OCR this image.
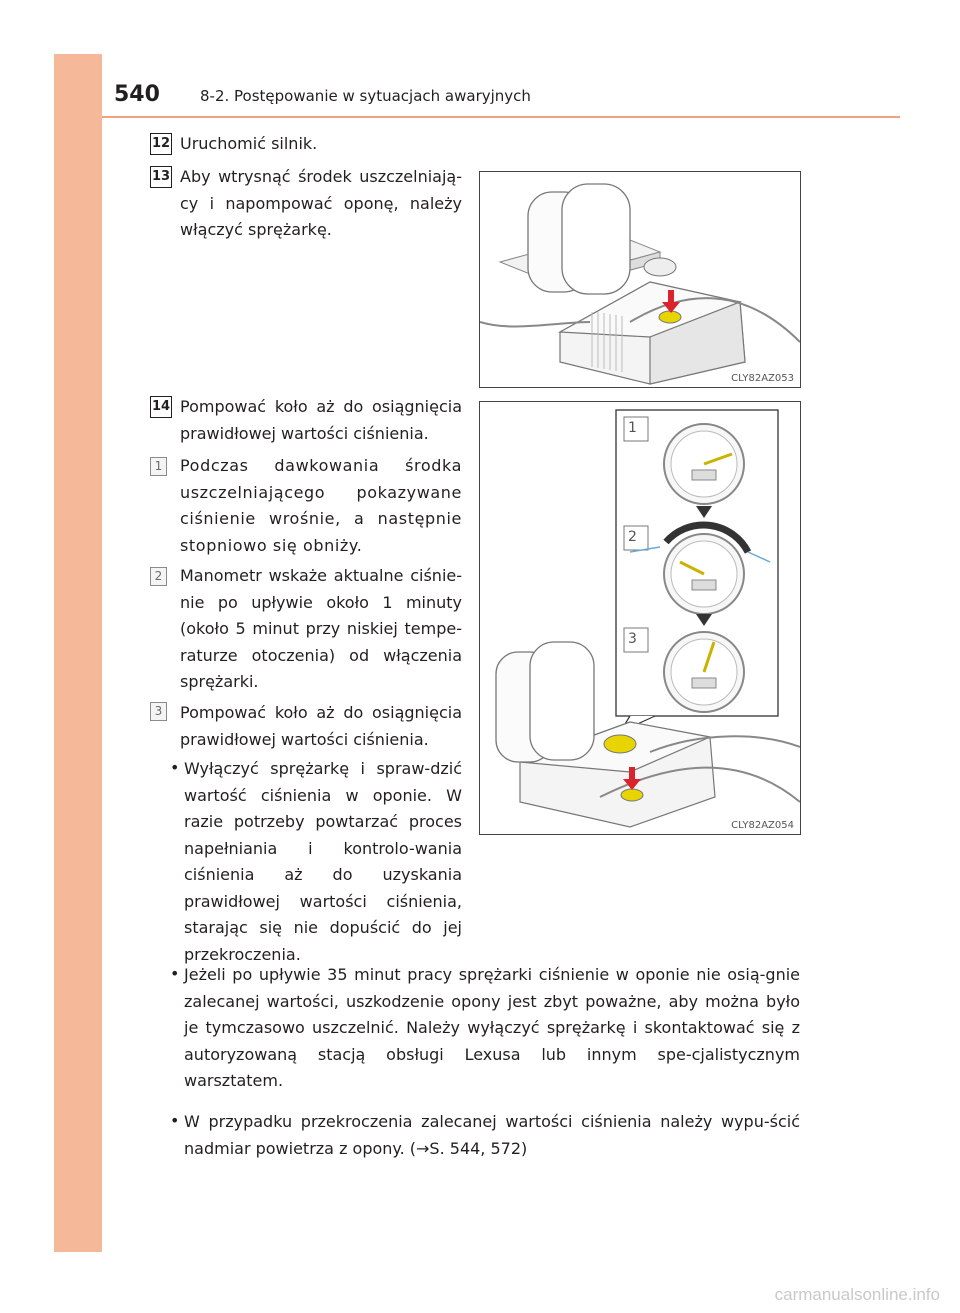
540	8-2. Postępowanie w sytuacjach awaryjnych
12 Uruchomić silnik.
13 Aby wtrysnąć środek uszczelniają-cy i napompować oponę, należy włączyć sprężarkę.
CLY82AZ053
14 Pompować koło aż do osiągnięcia prawidłowej wartości ciśnienia.
1 Podczas dawkowania środka uszczelniającego pokazywane ciśnienie wrośnie, a następnie stopniowo się obniży.
2 Manometr wskaże aktualne ciśnie-nie po upływie około 1 minuty (około 5 minut przy niskiej tempe-raturze otoczenia) od włączenia sprężarki.
3 Pompować koło aż do osiągnięcia prawidłowej wartości ciśnienia.
1
2
3
CLY82AZ054
• Wyłączyć sprężarkę i spraw-dzić wartość ciśnienia w oponie. W razie potrzeby powtarzać proces napełniania i kontrolo-wania ciśnienia aż do uzyskania prawidłowej wartości ciśnienia, starając się nie dopuścić do jej przekroczenia.
• Jeżeli po upływie 35 minut pracy sprężarki ciśnienie w oponie nie osią-gnie zalecanej wartości, uszkodzenie opony jest zbyt poważne, aby można było je tymczasowo uszczelnić. Należy wyłączyć sprężarkę i skontaktować się z autoryzowaną stacją obsługi Lexusa lub innym spe-cjalistycznym warsztatem.
• W przypadku przekroczenia zalecanej wartości ciśnienia należy wypu-ścić nadmiar powietrza z opony. (→S. 544, 572)
carmanualsonline.info
